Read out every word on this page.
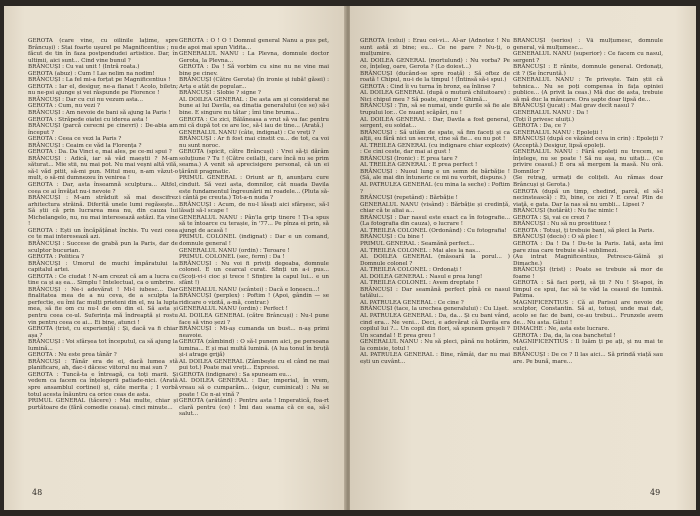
GEROTA (care vine, cu oilinile lațime, spre Brâncuși) : Stai foarte ușurel pe Magnificentius ; nu făcut de tin în faza postpendudei artistice. Dar, în ultimii, aici sunt... Cind vine bunul ?

BRÂNCUȘI : Cu vai unit ! (Intră roata.)

GEROTA (abuz) : Cum ! Las nelim na nodim!

BRÂNCUȘI : La fel mi-a forțat pe Magnificentius !

GEROTA : Iar el, desigur, ne-a flanat ! Acolo, biletn; nu ne-psi ajunge și vei răspunde pe Florence !

BRÂNCUȘI : Dar cu cui nu vezum asta...

GEROTA : Cum, nu vezi ?

BRÂNCUȘI : Am nevoie de bani să ajung la Paris !

GEROTA : Străpede oiatei cu iderea asta !

BRÂNCUȘI (parcă cerecni pe cinevri) : De-abia am început ?

GEROTA : Ceea ce vezi la Paris ?

BRÂNCUȘI : Ceaim ce văd la Florența ?

GEROTA : Da. Da Vinci e, mai ales, pe ce-mi spui ?

BRÂNCUȘI : Adică, iar să văd maeștii ? M-am săturat... Mie stii, nu mai pot. Nu mai veșni altă vilă, să-l văd pitit, să-mi pun. Mitul meu, n-am văzut-o mult, o să-mi dumnezeu în venirea !

GEROTA : Dar, asta înseamnă sculptura... Altfel, ceea ce ai învățat nu-i nevoie ?

BRÂNCUȘI : M-am străduit să mai descifrez arhitectura străină. Diferită unele lumi regăsește... Să știi că prin lucrarea mea nu, din cauza lui Michelangelo, nu, nu mai interesează astăzi. Ea vine !

GEROTA : Ești un încăpățânat închis. Tu vezi ceea ce te mai interesează azi.

BRÂNCUȘI : Succese de grabă pun la Paris, dar de sculptor bucurian.

GEROTA : Politica ?

BRÂNCUȘI : Umorul de muchi împăratului la capitalul artei.

GEROTA : Ce ciudat ! N-am crezut că am a lucra cu tine ca și aș ea... Simplu ! Intelectual, ca o umbrire.

BRÂNCUȘI : Ne-i adevărat ! Mi-l iubesc... Dar finalitatea mea de a nu ceva, de a sculpta la perfectie, eu îmi fac mulți prieteni din el, nu la lupta mea, să fie om cu nu-l de om din el. Să asta și pentru ceea ce-ul. Suferința mă îndreaptă și rostu vin pentru ceea ce ai... Ei bine, atunci !

GEROTA (trist, cu experiență) : Și, dacă va fi chiar așa ?

BRÂNCUȘI : Voi sfârșea tot începutul, ca să ajung la lumină...

GEROTA : Nu este prea tânăr ?

BRÂNCUȘI : Tânăr era de ei, dacă lumea stă planificare, ah, dac-i dăcesc viitorul nu mai sun ?

GEROTA : Tuncă-ta e întreagă, ca toți marii. Și vedem ca facem ca înțelegerii patiade-nici. (Arată spre ansamblul cortinei) și, câte merita ; I vorbă totul acesta înăuntru ca orice ceas de asta.

PRIMUL GENERAL (tăcere) : Mai multe, chiar și purtătoare de (fără comedie ceaua). cinci minute...

GEROTA : O ! O ! Domnul general Nanu a pus pet, de apoi mai spun Vidita...

GENERALUL NANU : La Plevna, domnule doctor Gerota, la Plevna...

GEROTA : Da ! Să vorbim cu sine nu ne vine mai bine pe cinev.

BRÂNCUȘI (Către Gerota) (în ironie și iubă! găsei) : Arta e atât de popular...

BRÂNCUȘI : Slobie ? signe ?

AL DOILEA GENERAL : De asta am și considerat ne bune ai lui Davila, ea dinatia generalului (ce se) să-i bine. E singure nu tătar ; îmi tine bruma...

GEROTA : Ce zici, Bălăneasa a vrut să va fac pentru mi că după tot ce are loc, să-l iau de tine... (Arată.)

GENERALUL NANU (câte, indignat) : Ce vreți ?

BRÂNCUȘI : Ar fi fost mai cinstit cu... de tot, ca voi nu sunt noroc.

GEROTA (spicit, către Brâncuși) : Vrei să-ți dărâm soluțiune ? Tu ! (Către ceilalți, care încă nu se prim seama.) A venit să aprecisigere personal, că un ei țărănii pragmatic.

PRIMUL GENERAL : Oriunt ar fi, anunțaru cure cinduit. Să vezi asta, domnilor, cât nuada Davila este fundamentul îngreunării mi roadele... (Pluta să-i cântă pe creuta.) Tot-a-n nuda ?

BRÂNCUȘI : Acum, de nu-l lăsați aici sfârșesc, să-l lăsați să-l scape !

GENERALUL NANU : Pân'la grip tinere ! Ți-a spus să te întoarce cu terașie, în '77... Pe pînza ei prin, să ajungi de acasă !

PRIMUL COLONEL (indignat) : Dar e un comand, domnule general !

GENERALUL NANU (ordin) : Teroare !

PRIMUL COLONEL (sec, ferm) : Da !

BRÂNCUȘI : Nu voi fi priviți degeaba, domnule colonel. E un cearcal curat. Sfinți un a-i pus... (Scoți-vi-i cioc și trece ! Sfințire la capul lui... e un sfânt !)

GENERALUL NANU (scântei) : Dacă e Ionescu...!

BRÂNCUȘI (perplex) : Poftim ! (Apoi, gândin — se ridicare o vizită, a-mă, contrar.)

GENERALUL NANU (ordin) : Perfect !

AL DOILEA GENERAL (către Brâncuși) : Nu-l pune face să vino șezi ?

BRÂNCUȘI : Mi-aș cumanda un bust... n-aș primi neavoie.

GEROTA (zâmbind) : O să-l punem aici, pe persoana lumina... E și mai multă lumină. (A lua tonul în bruță și-i atrage grijă)

AL DOILEA GENERAL (Zâmbește cu el când ne mai pui tot.) Poate mai vreți... Expressi.

GEROTA (indignare) : Sa spuneam eu...

AL DOILEA GENERAL : Dar, imperial, în vrem, vreau să o cumparăm... (sigur, cuminicat) : Nu se poate ! Ce n-ai vină ?

GEROTA (arătând) : Pentru asta ! Imperatică, foa-rt clară pentru (ce) ! Îmi dau seama că ce ea, să-l salut...

48

GEROTA (celui) : Erau cei-vi... Al-ar (Adnotez ! Nu sunt astă zi bine; eu... Ce ne pare ? Nu-ți, o mulțumire.

AL DOILEA GENERAL (mortulund) : Nu vorba? Pe ce, înțeleg, oare, Gerota ? (Lo doiest...)

BRÂNCUȘI (ducând-se spre roată) : Să oftez de roată ! Chipul, nu-i de la timpul ! (Întinsă să-i spui.)

GEROTA : Cind îi vu turna în bronz, ea înlinse ?

AL DOILEA GENERAL (după o mutură chiluitoare) : Nici chipul meu ? Să poate, singur ! Ghimă...

BRÂNCUȘI : Țin, să se numai, unde gurile să fie ale trupului lor... Ce nuanț scăpări, nu !

AL DOILEA GENERAL : Dar, Davila a fost general, sergent, eu soldat...

BRÂNCUȘI : Să uităm de spate, să fim faceți și ca alții, eu fără nici un secret, cine să fie... eu nu pot !

AL TREILEA GENERAL (cu indignare chiar exploziv) : Ce cini ceste, dar mai ai gust !

BRÂNCUȘI (Ironic) : E prea tare ?

AL TREILEA GENERAL : E prea perfect !

BRÂNCUȘI : Nuoul lung e un semn de bărbăție ! (Să, ale mai din întuneric ce mi nu vorbit, dispuns.)

AL PATRULEA GENERAL (cu mina la seche) : Poftim ?

BRÂNCUȘI (repetând) : Bărbăție !

GENERALUL NANU (visând) : Bărbăție și credință, chiar că te aliai a...

BRÂNCUȘI : Dar nasul este exact ca în fotografie... (La fotografia din cauza), o lucrare !

AL TREILEA COLONEL (Ordonând) : Cu fotografia!

BRÂNCUȘI : Cu bine !

PRIMUL GENERAL : Seamănă perfect...

AL TREILEA COLONEL : Mai ales la nas...

AL DOILEA GENERAL (măsoară la porul... ) Domnule colonel ?

AL TREILEA COLONEL : Ordonați !

AL DOILEA GENERAL : Nasul e prea lung!

AL TREILEA COLONEL : Avem dreptate !

BRÂNCUȘI : Dar seamănă perfect pînă ce nasul tatălui...

AL PATRULEA GENERAL : Ce cine ?

BRÂNCUȘI (tace, la urechea generalului) : Cu Lișet.

AL PATRULEA GENERAL : Da, da... Și cu bani vând, cind era... Ne veni... Deci, e adevărat că Davila era copilul lui ?... Un copil din flori, să spunem greșeli ? Un scandal ! E prea greu !

GENERALUL NANU : Nu să pleci, până nu hotărim, la comisie, totul !

AL PATRULEA GENERAL : Bine, rămâi, dar nu mai ești un cuvânt...

BRÂNCUȘI (serios) : Vă mulțumesc, domnule general, vă mulțumesc...

GENERALUL NANU (superior) : Ce facem cu nasul, sergent ?

BRÂNCUȘI : E rănite, domnule general. Ordonați, cit ? (Se încruntă.)

GENERALUL NANU : Te privește. Tain știi că tehnica... Nu se poți compensa în fața opiniei publice... (A privit la ceas.) Mă duc de asta, trebuie să mă duc la mâncare. Ora șapte doar lipsă de...

BRÂNCUȘI (jucat) : Mai grav decît nasul ?

GENERALUL NANU : Da !

(Toți îl privesc uluiți.)

GEROTA : Da, ce ?

GENERALUL NANU : Epoleții !

BRÂNCUȘI (după ce văzând ceva in crin) : Epoleții ? (Acceptă.) Desigur, lipsă epoleți.

GENERALUL NANU : Fără epoleți nu trecem, se înțelege, nu se poate ! Să nu așa, nu uitați... (Cu privire ceasul.) E ora să mergem la masă. Nu oră. Domnilor ?

(Se retrag, urmați de colițeli. Au rămas doar Brâncuși și Gerota.)

GEROTA (după un timp, chedind, parcă, el să-l necinstească) : Ei, bine, ce zici ? E ceva! Plin de viață, e gata. Dar la nas să nu umbli... Lipsei ?

BRÂNCUȘI (hotărât) : Nu fac nimic !

GEROTA : Și, vai ce crezi ?

BRÂNCUȘI : Nu să nu prostituez !

GEROTA : Totuși, ți trebuie bani, să pleci la Paris.

BRÂNCUȘI (decis) : O să plec !

GEROTA : Da ! Da ! Du-te la Paris. Iată, asta îmi pare ziua care trebuie să-l sublimezi.

(Au intrat Magnificentius, Petrescu-Găină și Dimache.)

BRÂNCUȘI (trist) : Poate se trebuie să mor de foame !

GEROTA : Să faci porți, să ții ? Nu ! Șt-apoi, în timpul ce spui, fac să te văd la ceasul de lumină. Patima.

MAGNIFICENTIUS : Că ai Parisul are nevoie de sculptor, Constantin. Să ai, totuși, unde mai dat, acolo se fac de bani, ce-au trebui... Frunzele avem de... Nu asta. Gâtui !

DIMACHE : Ne, asta este lucrare.

GEROTA : Da, da, la cea banchetul !

MAGNIFICENTIUS : Il luăm ți pe ați, și nu mai te culci.

BRÂNCUȘI : De ce ? Il las aici... Să prindă viață sau are. Pe bună, mare...

49
